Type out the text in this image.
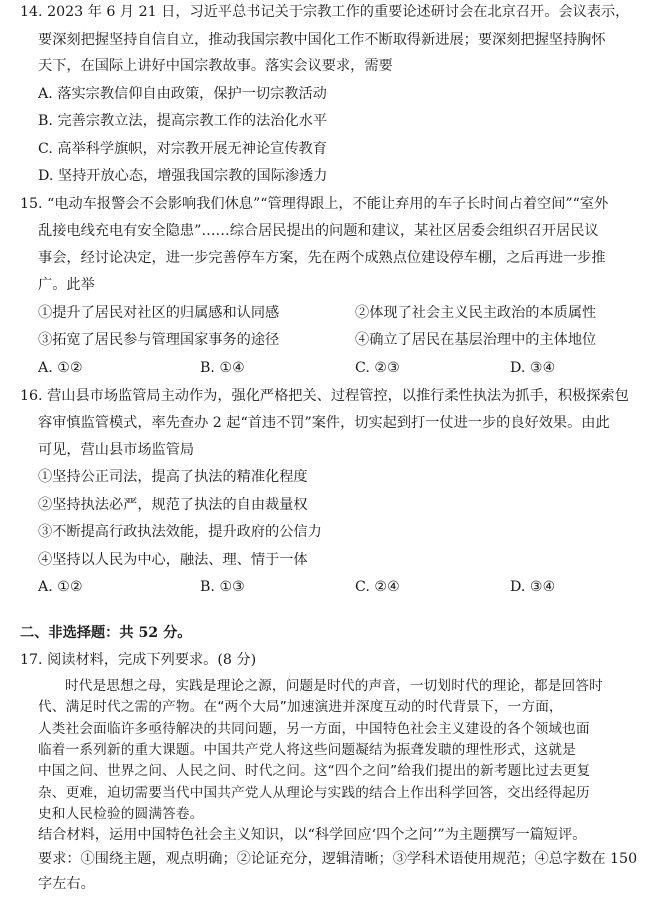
14. 2023 年 6 月 21 日，习近平总书记关于宗教工作的重要论述研讨会在北京召开。会议表示，
要深刻把握坚持自信自立，推动我国宗教中国化工作不断取得新进展；要深刻把握坚持胸怀
天下，在国际上讲好中国宗教故事。落实会议要求，需要
A. 落实宗教信仰自由政策，保护一切宗教活动
B. 完善宗教立法，提高宗教工作的法治化水平
C. 高举科学旗帜，对宗教开展无神论宣传教育
D. 坚持开放心态，增强我国宗教的国际渗透力
15. “电动车报警会不会影响我们休息”“管理得跟上，不能让弃用的车子长时间占着空间”“室外
乱接电线充电有安全隐患”……综合居民提出的问题和建议，某社区居委会组织召开居民议
事会，经讨论决定，进一步完善停车方案，先在两个成熟点位建设停车棚，之后再进一步推
广。此举
①提升了居民对社区的归属感和认同感	②体现了社会主义民主政治的本质属性
③拓宽了居民参与管理国家事务的途径	④确立了居民在基层治理中的主体地位
A. ①②	B. ①④	C. ②③	D. ③④
16. 营山县市场监管局主动作为，强化严格把关、过程管控，以推行柔性执法为抓手，积极探索包
容审慎监管模式，率先查办 2 起“首违不罚”案件，切实起到打一仗进一步的良好效果。由此
可见，营山县市场监管局
①坚持公正司法，提高了执法的精准化程度
②坚持执法必严，规范了执法的自由裁量权
③不断提高行政执法效能，提升政府的公信力
④坚持以人民为中心，融法、理、情于一体
A. ①②	B. ①③	C. ②④	D. ③④
二、非选择题：共 52 分。
17. 阅读材料，完成下列要求。(8 分)
时代是思想之母，实践是理论之源，问题是时代的声音，一切划时代的理论，都是回答时
代、满足时代之需的产物。在“两个大局”加速演进并深度互动的时代背景下，一方面，
人类社会面临许多亟待解决的共同问题，另一方面，中国特色社会主义建设的各个领域也面
临着一系列新的重大课题。中国共产党人将这些问题凝结为振聋发聩的理性形式，这就是
中国之问、世界之问、人民之问、时代之问。这“四个之问”给我们提出的新考题比过去更复
杂、更难，迫切需要当代中国共产党人从理论与实践的结合上作出科学回答，交出经得起历
史和人民检验的圆满答卷。
结合材料，运用中国特色社会主义知识，以“科学回应‘四个之问’”为主题撰写一篇短评。
要求：①围绕主题，观点明确；②论证充分，逻辑清晰；③学科术语使用规范；④总字数在 150
字左右。
